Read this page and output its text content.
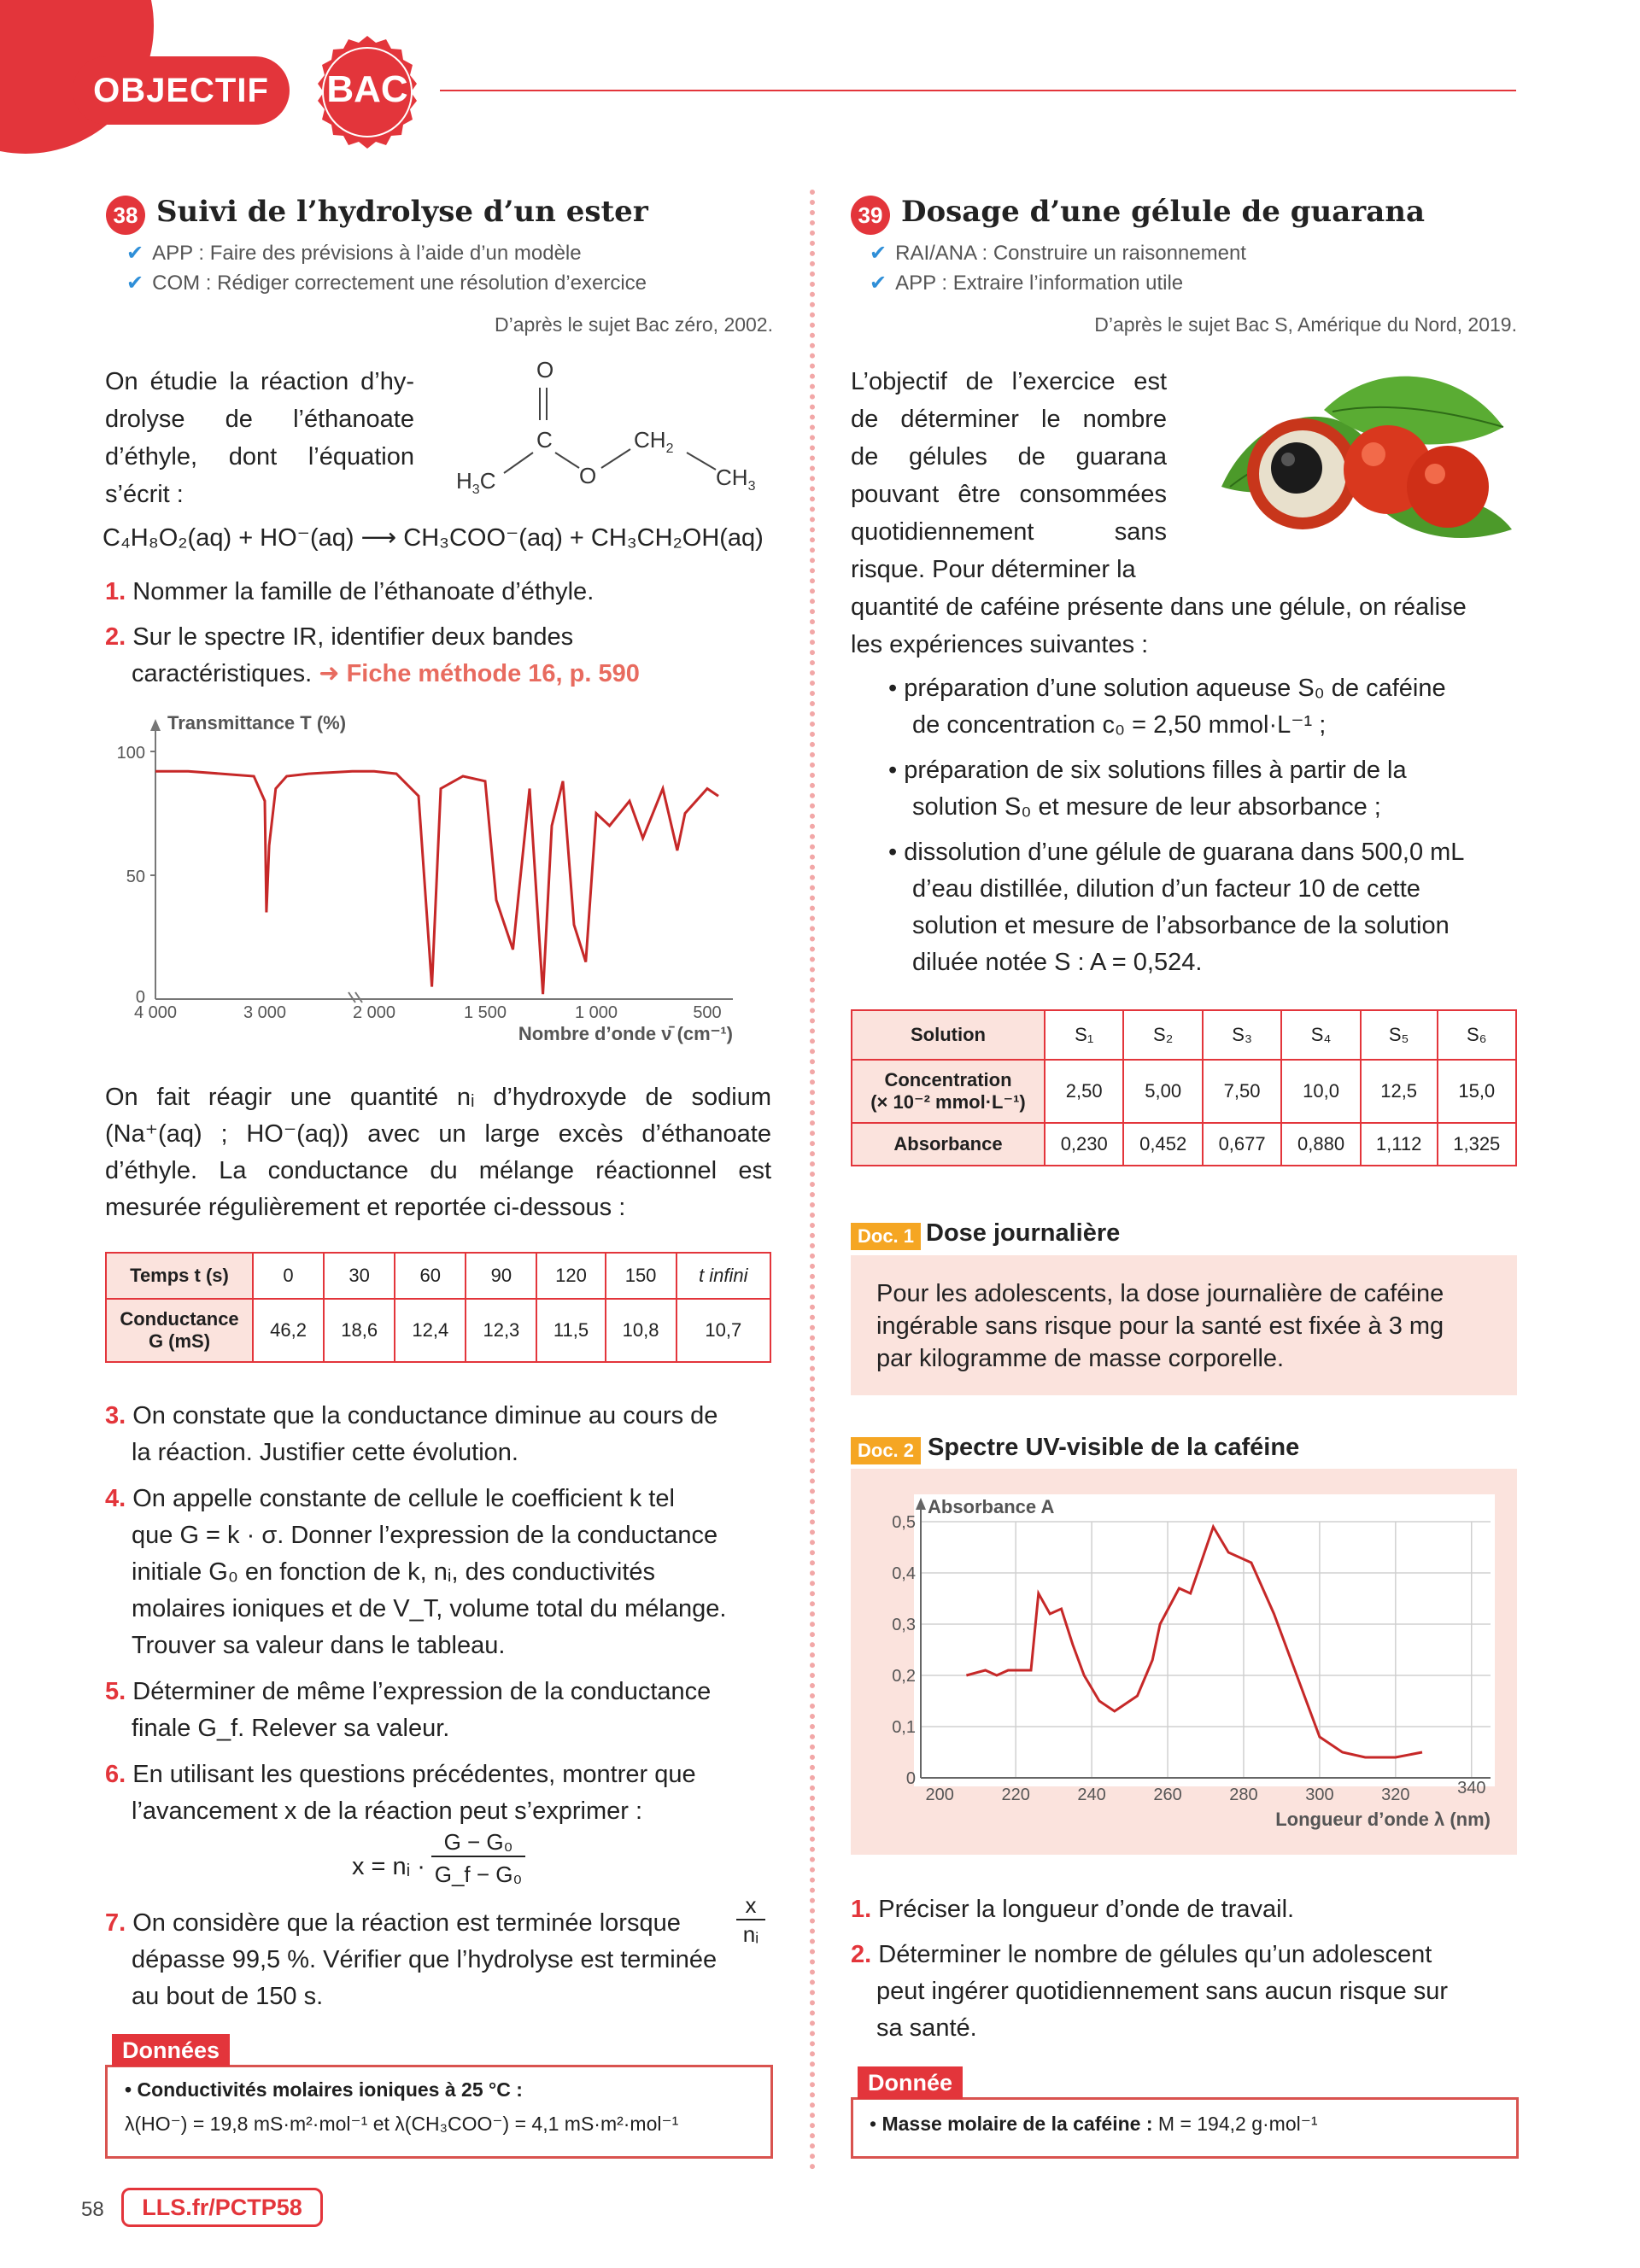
OBJECTIF	BAC
38 Suivi de l’hydrolyse d’un ester
✔ APP : Faire des prévisions à l’aide d’un modèle
✔ COM : Rédiger correctement une résolution d’exercice
D’après le sujet Bac zéro, 2002.
On étudie la réaction d’hy-
drolyse de l’éthanoate
d’éthyle, dont l’équation
s’écrit :
O
C
$H_3C$	O
$CH_2$
$CH_3$
C₄H₈O₂(aq) + HO⁻(aq) ⟶ CH₃COO⁻(aq) + CH₃CH₂OH(aq)
1. Nommer la famille de l’éthanoate d’éthyle.
2. Sur le spectre IR, identifier deux bandes
caractéristiques. ➜ Fiche méthode 16, p. 590
Transmittance T (%)
100
50
0
4 000	3 000	2 000	1 500	1 000	500
Nombre d’onde ν̄ (cm⁻¹)
On fait réagir une quantité nᵢ d’hydroxyde de sodium
(Na⁺(aq) ; HO⁻(aq)) avec un large excès d’éthanoate
d’éthyle. La conductance du mélange réactionnel est
mesurée régulièrement et reportée ci-dessous :
Temps t (s)	0	30	60	90	120	150	t infini

Conductance
G (mS)	46,2	18,6	12,4	12,3	11,5	10,8	10,7
3. On constate que la conductance diminue au cours de
la réaction. Justifier cette évolution.
4. On appelle constante de cellule le coefficient k tel
que G = k · σ. Donner l’expression de la conductance
initiale G₀ en fonction de k, nᵢ, des conductivités
molaires ioniques et de V_T, volume total du mélange.
Trouver sa valeur dans le tableau.
5. Déterminer de même l’expression de la conductance
finale G_f. Relever sa valeur.
6. En utilisant les questions précédentes, montrer que
l’avancement x de la réaction peut s’exprimer :
x = nᵢ ·
G − G₀
G_f − G₀
7. On considère que la réaction est terminée lorsque
x
nᵢ
dépasse 99,5 %. Vérifier que l’hydrolyse est terminée
au bout de 150 s.
Données
• Conductivités molaires ioniques à 25 °C :
λ(HO⁻) = 19,8 mS·m²·mol⁻¹ et λ(CH₃COO⁻) = 4,1 mS·m²·mol⁻¹
39 Dosage d’une gélule de guarana
✔ RAI/ANA : Construire un raisonnement
✔ APP : Extraire l’information utile
D’après le sujet Bac S, Amérique du Nord, 2019.
L’objectif de l’exercice est
de déterminer le nombre
de gélules de guarana
pouvant être consommées
quotidiennement sans
risque. Pour déterminer la
quantité de caféine présente dans une gélule, on réalise
les expériences suivantes :
• préparation d’une solution aqueuse S₀ de caféine
de concentration c₀ = 2,50 mmol·L⁻¹ ;
• préparation de six solutions filles à partir de la
solution S₀ et mesure de leur absorbance ;
• dissolution d’une gélule de guarana dans 500,0 mL
d’eau distillée, dilution d’un facteur 10 de cette
solution et mesure de l’absorbance de la solution
diluée notée S : A = 0,524.
Solution	S₁	S₂	S₃	S₄	S₅	S₆

Concentration
(× 10⁻² mmol·L⁻¹)	2,50	5,00	7,50	10,0	12,5	15,0
Absorbance	0,230	0,452	0,677	0,880	1,112	1,325
Doc. 1 Dose journalière
Pour les adolescents, la dose journalière de caféine
ingérable sans risque pour la santé est fixée à 3 mg
par kilogramme de masse corporelle.
Doc. 2 Spectre UV-visible de la caféine
Absorbance A
0
0,1
0,2
0,3
0,4
0,5
200	220	240	260	280	300	320	340
Longueur d’onde λ (nm)
1. Préciser la longueur d’onde de travail.
2. Déterminer le nombre de gélules qu’un adolescent
peut ingérer quotidiennement sans aucun risque sur
sa santé.
Donnée
• Masse molaire de la caféine : M = 194,2 g·mol⁻¹
58	LLS.fr/PCTP58
